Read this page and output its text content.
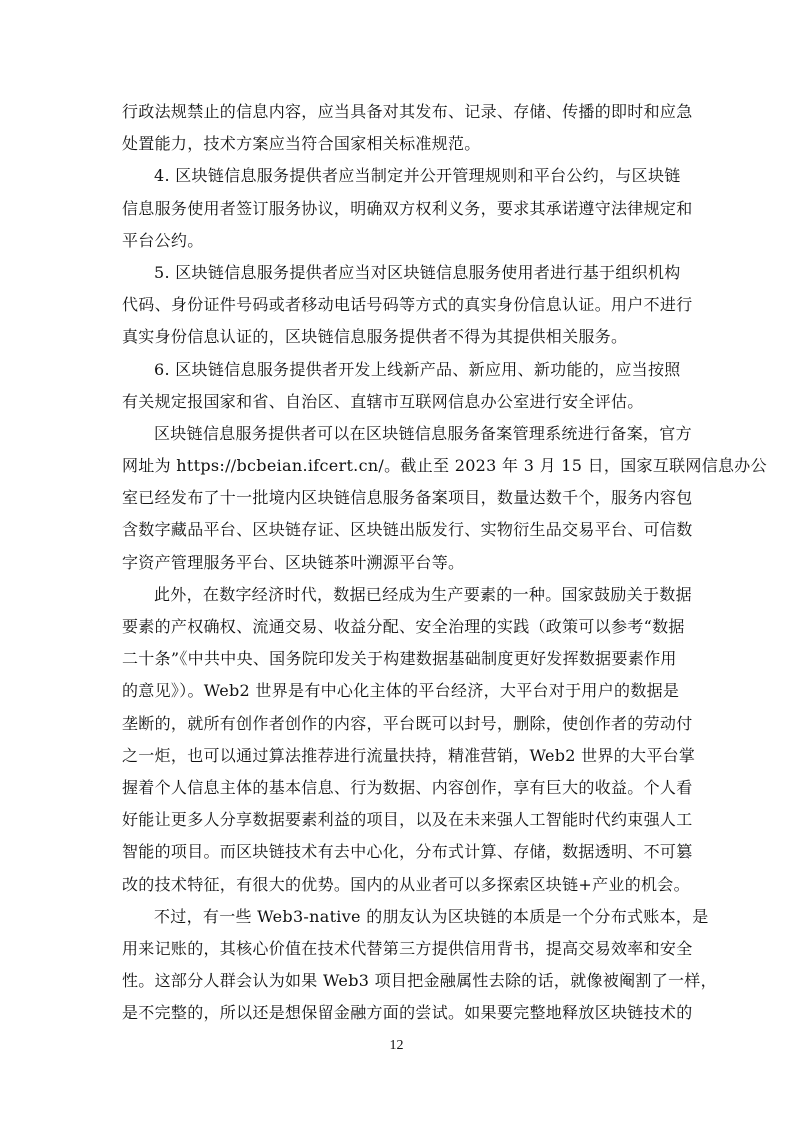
行政法规禁止的信息内容，应当具备对其发布、记录、存储、传播的即时和应急
处置能力，技术方案应当符合国家相关标准规范。
4. 区块链信息服务提供者应当制定并公开管理规则和平台公约，与区块链
信息服务使用者签订服务协议，明确双方权利义务，要求其承诺遵守法律规定和
平台公约。
5. 区块链信息服务提供者应当对区块链信息服务使用者进行基于组织机构
代码、身份证件号码或者移动电话号码等方式的真实身份信息认证。用户不进行
真实身份信息认证的，区块链信息服务提供者不得为其提供相关服务。
6. 区块链信息服务提供者开发上线新产品、新应用、新功能的，应当按照
有关规定报国家和省、自治区、直辖市互联网信息办公室进行安全评估。
区块链信息服务提供者可以在区块链信息服务备案管理系统进行备案，官方
网址为 https://bcbeian.ifcert.cn/。截止至 2023 年 3 月 15 日，国家互联网信息办公
室已经发布了十一批境内区块链信息服务备案项目，数量达数千个，服务内容包
含数字藏品平台、区块链存证、区块链出版发行、实物衍生品交易平台、可信数
字资产管理服务平台、区块链茶叶溯源平台等。
此外，在数字经济时代，数据已经成为生产要素的一种。国家鼓励关于数据
要素的产权确权、流通交易、收益分配、安全治理的实践（政策可以参考“数据
二十条”《中共中央、国务院印发关于构建数据基础制度更好发挥数据要素作用
的意见》）。Web2 世界是有中心化主体的平台经济，大平台对于用户的数据是
垄断的，就所有创作者创作的内容，平台既可以封号，删除，使创作者的劳动付
之一炬，也可以通过算法推荐进行流量扶持，精准营销，Web2 世界的大平台掌
握着个人信息主体的基本信息、行为数据、内容创作，享有巨大的收益。个人看
好能让更多人分享数据要素利益的项目，以及在未来强人工智能时代约束强人工
智能的项目。而区块链技术有去中心化，分布式计算、存储，数据透明、不可篡
改的技术特征，有很大的优势。国内的从业者可以多探索区块链+产业的机会。
不过，有一些 Web3-native 的朋友认为区块链的本质是一个分布式账本，是
用来记账的，其核心价值在技术代替第三方提供信用背书，提高交易效率和安全
性。这部分人群会认为如果 Web3 项目把金融属性去除的话，就像被阉割了一样，
是不完整的，所以还是想保留金融方面的尝试。如果要完整地释放区块链技术的
12
